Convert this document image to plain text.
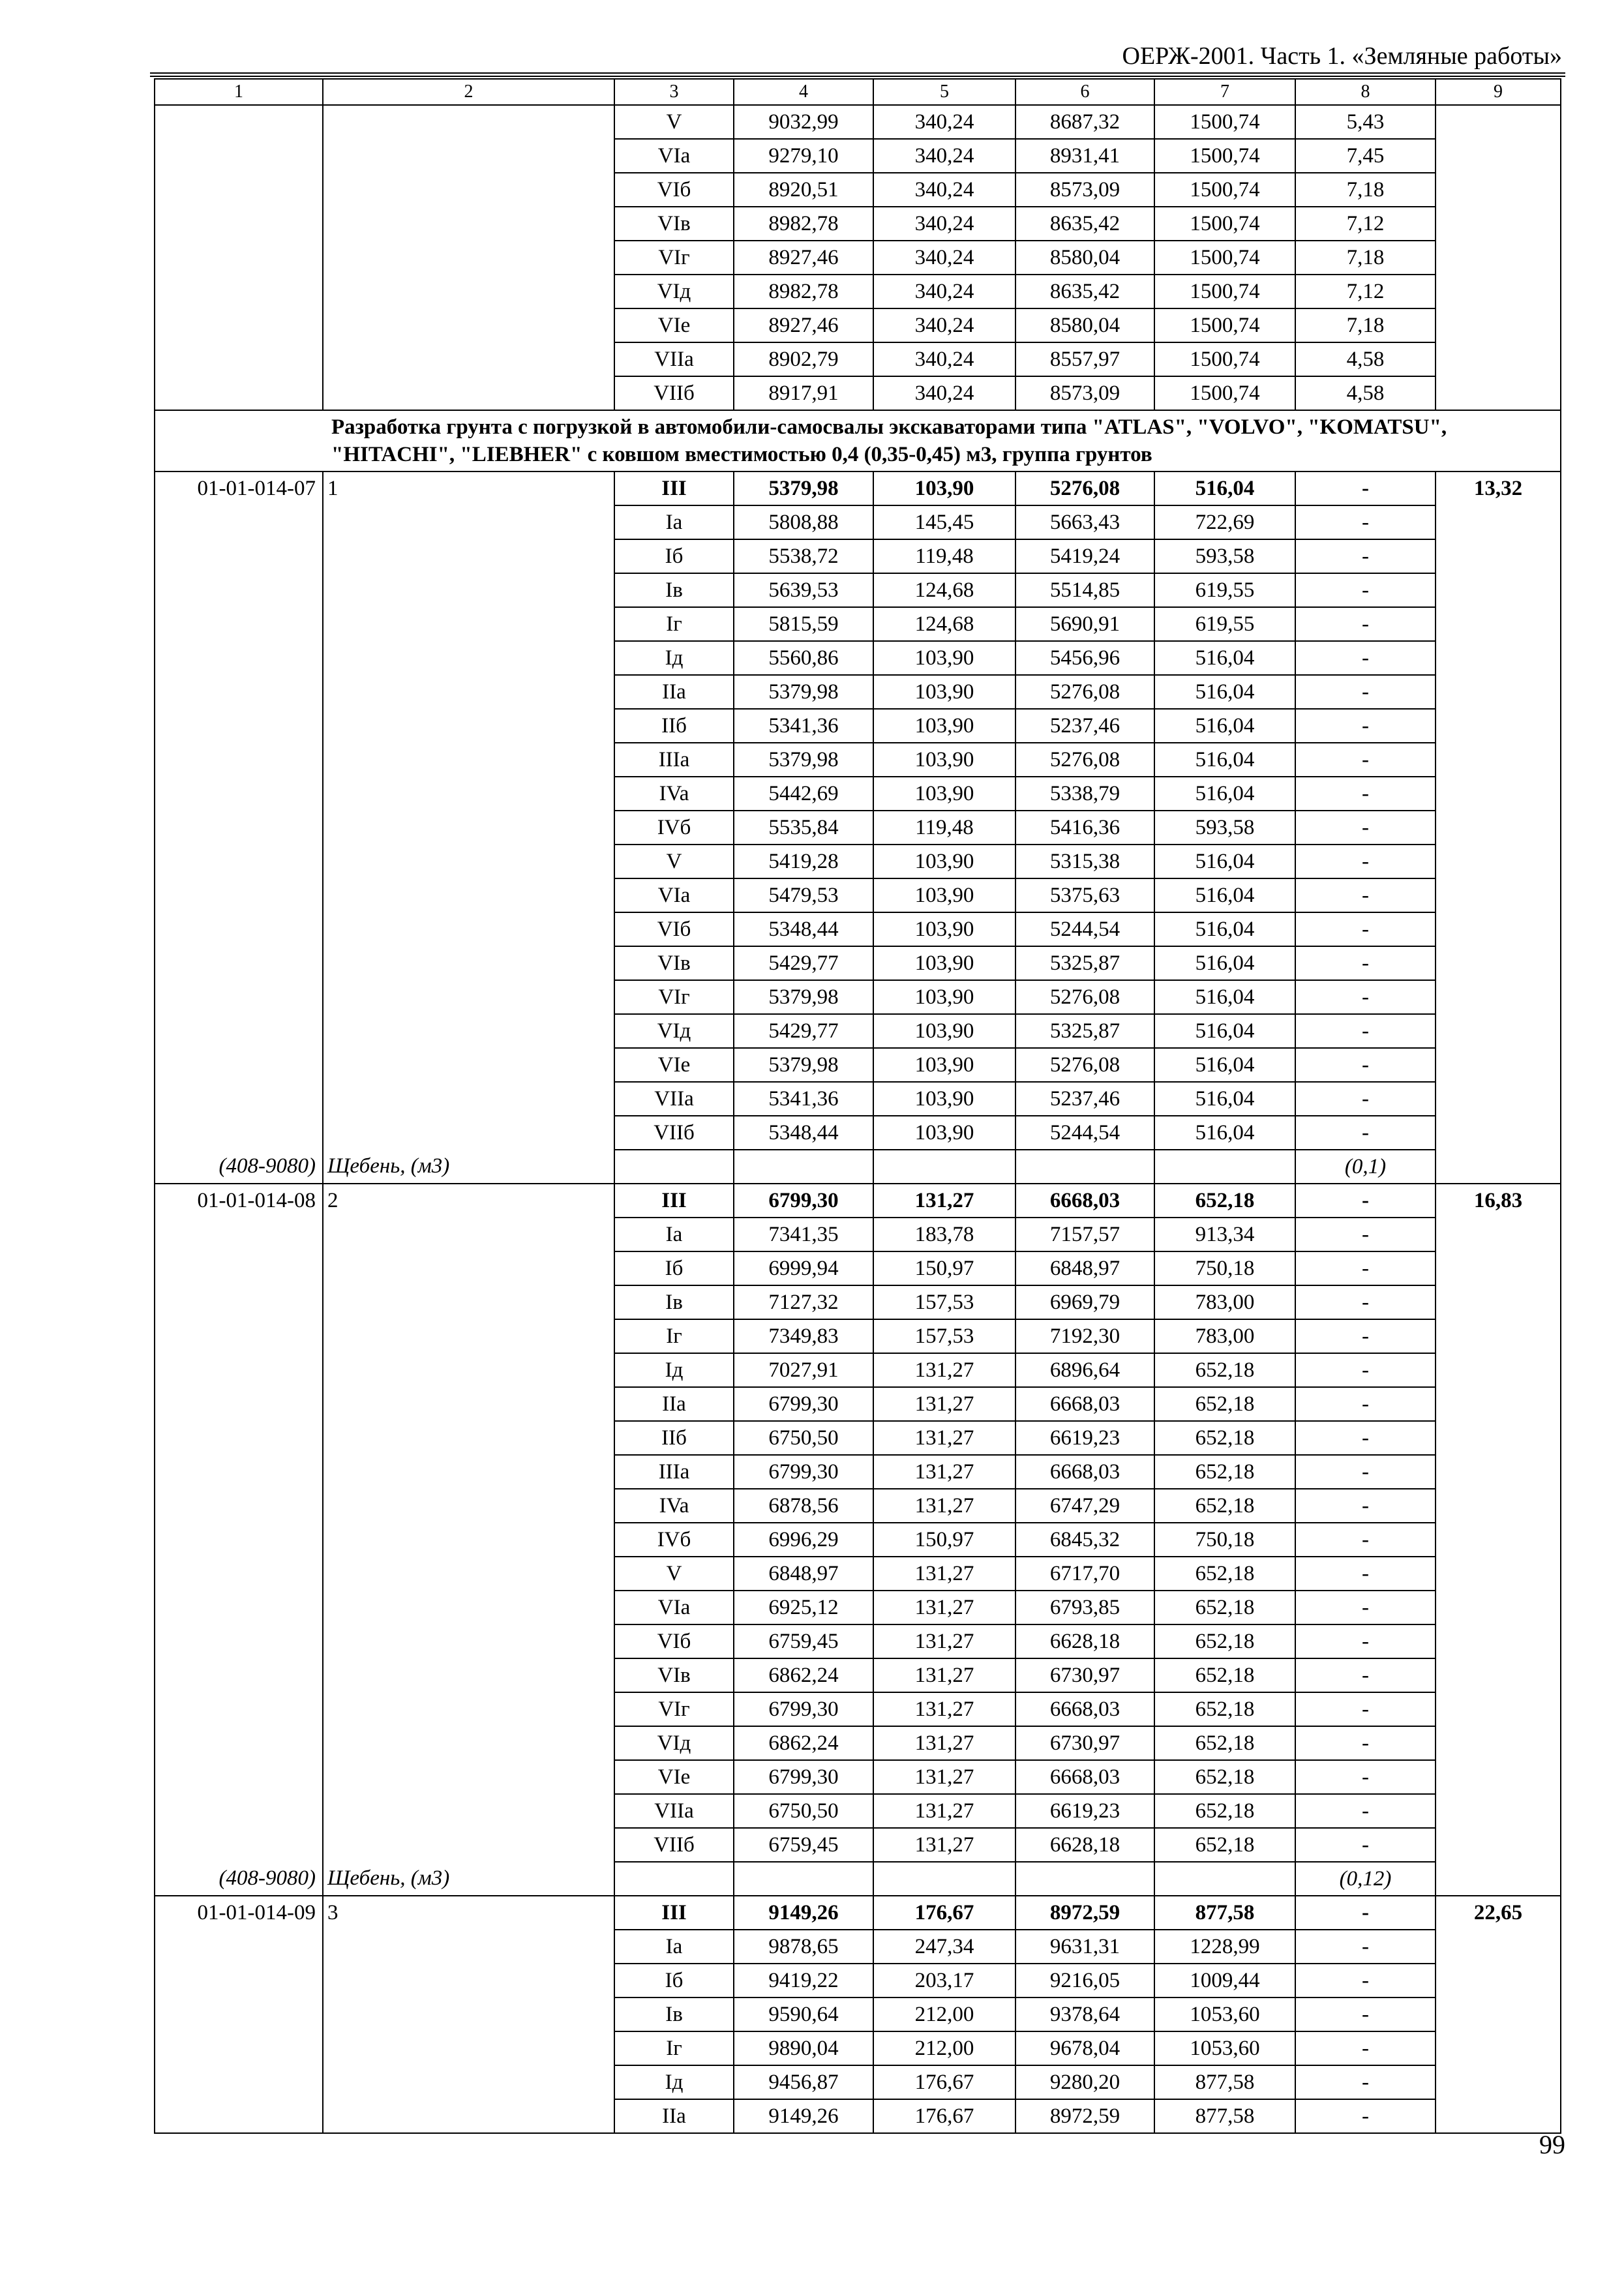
ОЕРЖ-2001. Часть 1. «Земляные работы»
1	2	3	4	5	6	7	8	9
		V	9032,99	340,24	8687,32	1500,74	5,43	
		VIa	9279,10	340,24	8931,41	1500,74	7,45	
		VIб	8920,51	340,24	8573,09	1500,74	7,18	
		VIв	8982,78	340,24	8635,42	1500,74	7,12	
		VIг	8927,46	340,24	8580,04	1500,74	7,18	
		VIд	8982,78	340,24	8635,42	1500,74	7,12	
		VIе	8927,46	340,24	8580,04	1500,74	7,18	
		VIIa	8902,79	340,24	8557,97	1500,74	4,58	
		VIIб	8917,91	340,24	8573,09	1500,74	4,58	
Разработка грунта с погрузкой в автомобили-самосвалы экскаваторами типа "ATLAS", "VOLVO", "KOMATSU", "HITACHI", "LIEBHER" с ковшом вместимостью 0,4 (0,35-0,45) м3, группа грунтов								
01-01-014-07	1	III	5379,98	103,90	5276,08	516,04	-	13,32
		Ia	5808,88	145,45	5663,43	722,69	-	
		Iб	5538,72	119,48	5419,24	593,58	-	
		Iв	5639,53	124,68	5514,85	619,55	-	
		Iг	5815,59	124,68	5690,91	619,55	-	
		Iд	5560,86	103,90	5456,96	516,04	-	
		IIa	5379,98	103,90	5276,08	516,04	-	
		IIб	5341,36	103,90	5237,46	516,04	-	
		IIIa	5379,98	103,90	5276,08	516,04	-	
		IVa	5442,69	103,90	5338,79	516,04	-	
		IVб	5535,84	119,48	5416,36	593,58	-	
		V	5419,28	103,90	5315,38	516,04	-	
		VIa	5479,53	103,90	5375,63	516,04	-	
		VIб	5348,44	103,90	5244,54	516,04	-	
		VIв	5429,77	103,90	5325,87	516,04	-	
		VIг	5379,98	103,90	5276,08	516,04	-	
		VIд	5429,77	103,90	5325,87	516,04	-	
		VIе	5379,98	103,90	5276,08	516,04	-	
		VIIa	5341,36	103,90	5237,46	516,04	-	
		VIIб	5348,44	103,90	5244,54	516,04	-	
(408-9080)	Щебень, (м3)						(0,1)	
01-01-014-08	2	III	6799,30	131,27	6668,03	652,18	-	16,83
		Ia	7341,35	183,78	7157,57	913,34	-	
		Iб	6999,94	150,97	6848,97	750,18	-	
		Iв	7127,32	157,53	6969,79	783,00	-	
		Iг	7349,83	157,53	7192,30	783,00	-	
		Iд	7027,91	131,27	6896,64	652,18	-	
		IIa	6799,30	131,27	6668,03	652,18	-	
		IIб	6750,50	131,27	6619,23	652,18	-	
		IIIa	6799,30	131,27	6668,03	652,18	-	
		IVa	6878,56	131,27	6747,29	652,18	-	
		IVб	6996,29	150,97	6845,32	750,18	-	
		V	6848,97	131,27	6717,70	652,18	-	
		VIa	6925,12	131,27	6793,85	652,18	-	
		VIб	6759,45	131,27	6628,18	652,18	-	
		VIв	6862,24	131,27	6730,97	652,18	-	
		VIг	6799,30	131,27	6668,03	652,18	-	
		VIд	6862,24	131,27	6730,97	652,18	-	
		VIе	6799,30	131,27	6668,03	652,18	-	
		VIIa	6750,50	131,27	6619,23	652,18	-	
		VIIб	6759,45	131,27	6628,18	652,18	-	
(408-9080)	Щебень, (м3)						(0,12)	
01-01-014-09	3	III	9149,26	176,67	8972,59	877,58	-	22,65
		Ia	9878,65	247,34	9631,31	1228,99	-	
		Iб	9419,22	203,17	9216,05	1009,44	-	
		Iв	9590,64	212,00	9378,64	1053,60	-	
		Iг	9890,04	212,00	9678,04	1053,60	-	
		Iд	9456,87	176,67	9280,20	877,58	-	
		IIa	9149,26	176,67	8972,59	877,58	-	
99
